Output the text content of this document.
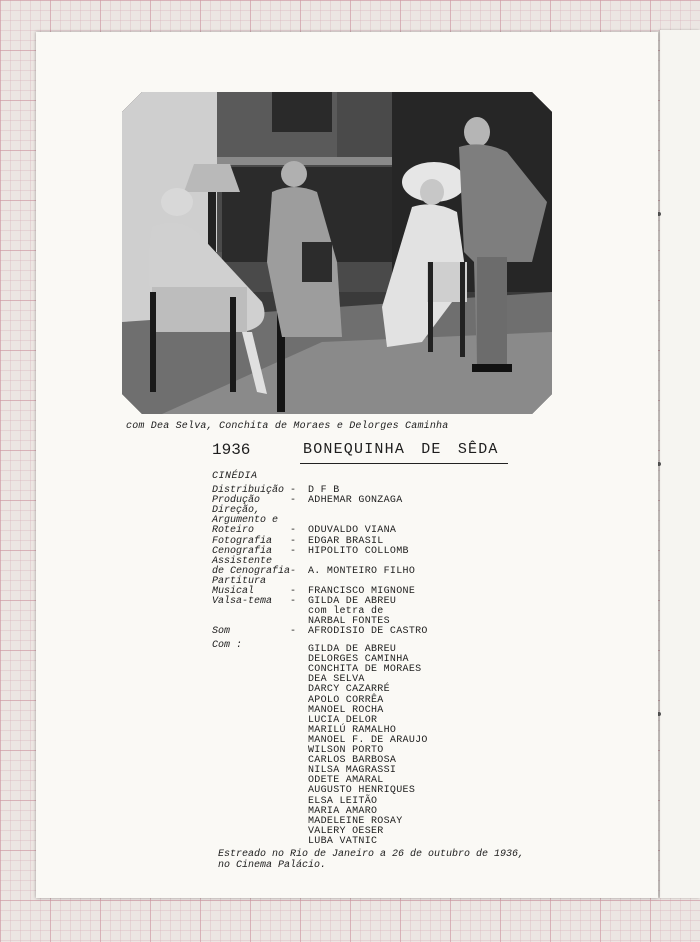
com Dea Selva, Conchita de Moraes e Delorges Caminha
1936	BONEQUINHA DE SÊDA
CINÉDIA
Distribuição - D F B
Produção	- ADHEMAR GONZAGA
Direção,
Argumento e
Roteiro	- ODUVALDO VIANA
Fotografia - EDGAR BRASIL
Cenografia - HIPOLITO COLLOMB
Assistente
de Cenografia- A. MONTEIRO FILHO
Partitura
Musical	- FRANCISCO MIGNONE
Valsa-tema - GILDA DE ABREU
com letra de
NARBAL FONTES
Som	- AFRODISIO DE CASTRO
Com :	GILDA DE ABREU
DELORGES CAMINHA
CONCHITA DE MORAES
DEA SELVA
DARCY CAZARRÉ
APOLO CORRÊA
MANOEL ROCHA
LUCIA DELOR
MARILÚ RAMALHO
MANOEL F. DE ARAUJO
WILSON PORTO
CARLOS BARBOSA
NILSA MAGRASSI
ODETE AMARAL
AUGUSTO HENRIQUES
ELSA LEITÃO
MARIA AMARO
MADELEINE ROSAY
VALERY OESER
LUBA VATNIC
Estreado no Rio de Janeiro a 26 de outubro de 1936,
no Cinema Palácio.
